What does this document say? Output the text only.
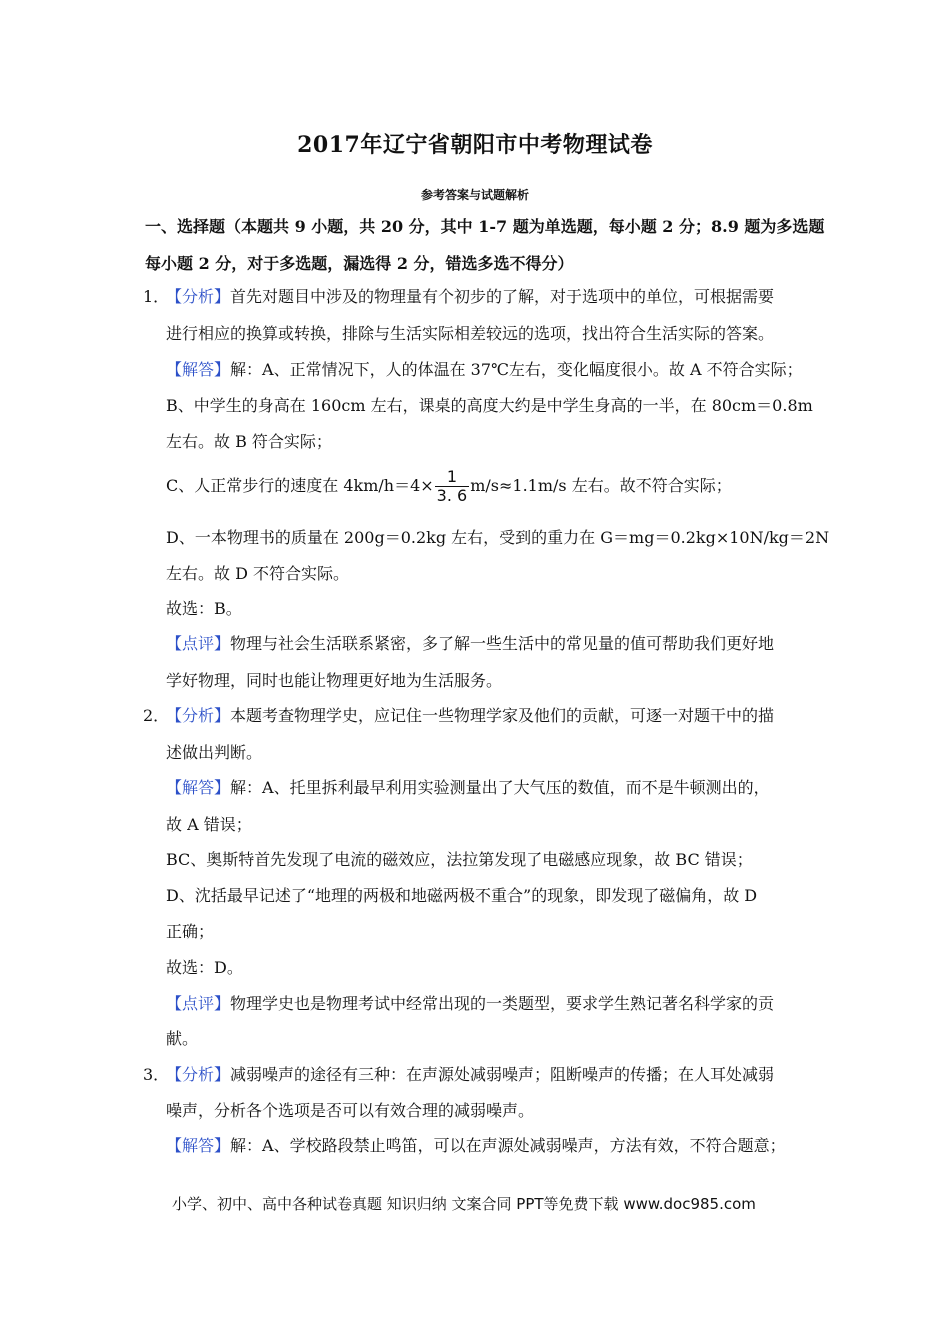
2017年辽宁省朝阳市中考物理试卷
参考答案与试题解析
一、选择题（本题共 9 小题，共 20 分，其中 1-7 题为单选题，每小题 2 分；8.9 题为多选题
每小题 2 分，对于多选题，漏选得 2 分，错选多选不得分）
1．
【分析】首先对题目中涉及的物理量有个初步的了解，对于选项中的单位，可根据需要
进行相应的换算或转换，排除与生活实际相差较远的选项，找出符合生活实际的答案。
【解答】解：A、正常情况下，人的体温在 37℃左右，变化幅度很小。故 A 不符合实际；
B、中学生的身高在 160cm 左右，课桌的高度大约是中学生身高的一半，在 80cm＝0.8m
左右。故 B 符合实际；
C、人正常步行的速度在 $4km/h=4\times \frac{1}{3. 6} m/s\approx 1.1m/s$ 左右。故不符合实际；
D、一本物理书的质量在 200g＝0.2kg 左右，受到的重力在 G＝mg＝0.2kg×10N/kg＝2N
左右。故 D 不符合实际。
故选：B。
【点评】物理与社会生活联系紧密，多了解一些生活中的常见量的值可帮助我们更好地
学好物理，同时也能让物理更好地为生活服务。
2．
【分析】本题考查物理学史，应记住一些物理学家及他们的贡献，可逐一对题干中的描
述做出判断。
【解答】解：A、托里拆利最早利用实验测量出了大气压的数值，而不是牛顿测出的，
故 A 错误；
BC、奥斯特首先发现了电流的磁效应，法拉第发现了电磁感应现象，故 BC 错误；
D、沈括最早记述了“地理的两极和地磁两极不重合”的现象，即发现了磁偏角，故 D
正确；
故选：D。
【点评】物理学史也是物理考试中经常出现的一类题型，要求学生熟记著名科学家的贡
献。
3．
【分析】减弱噪声的途径有三种：在声源处减弱噪声；阻断噪声的传播；在人耳处减弱
噪声，分析各个选项是否可以有效合理的减弱噪声。
【解答】解：A、学校路段禁止鸣笛，可以在声源处减弱噪声，方法有效，不符合题意；
小学、初中、高中各种试卷真题 知识归纳 文案合同 PPT等免费下载 www.doc985.com
